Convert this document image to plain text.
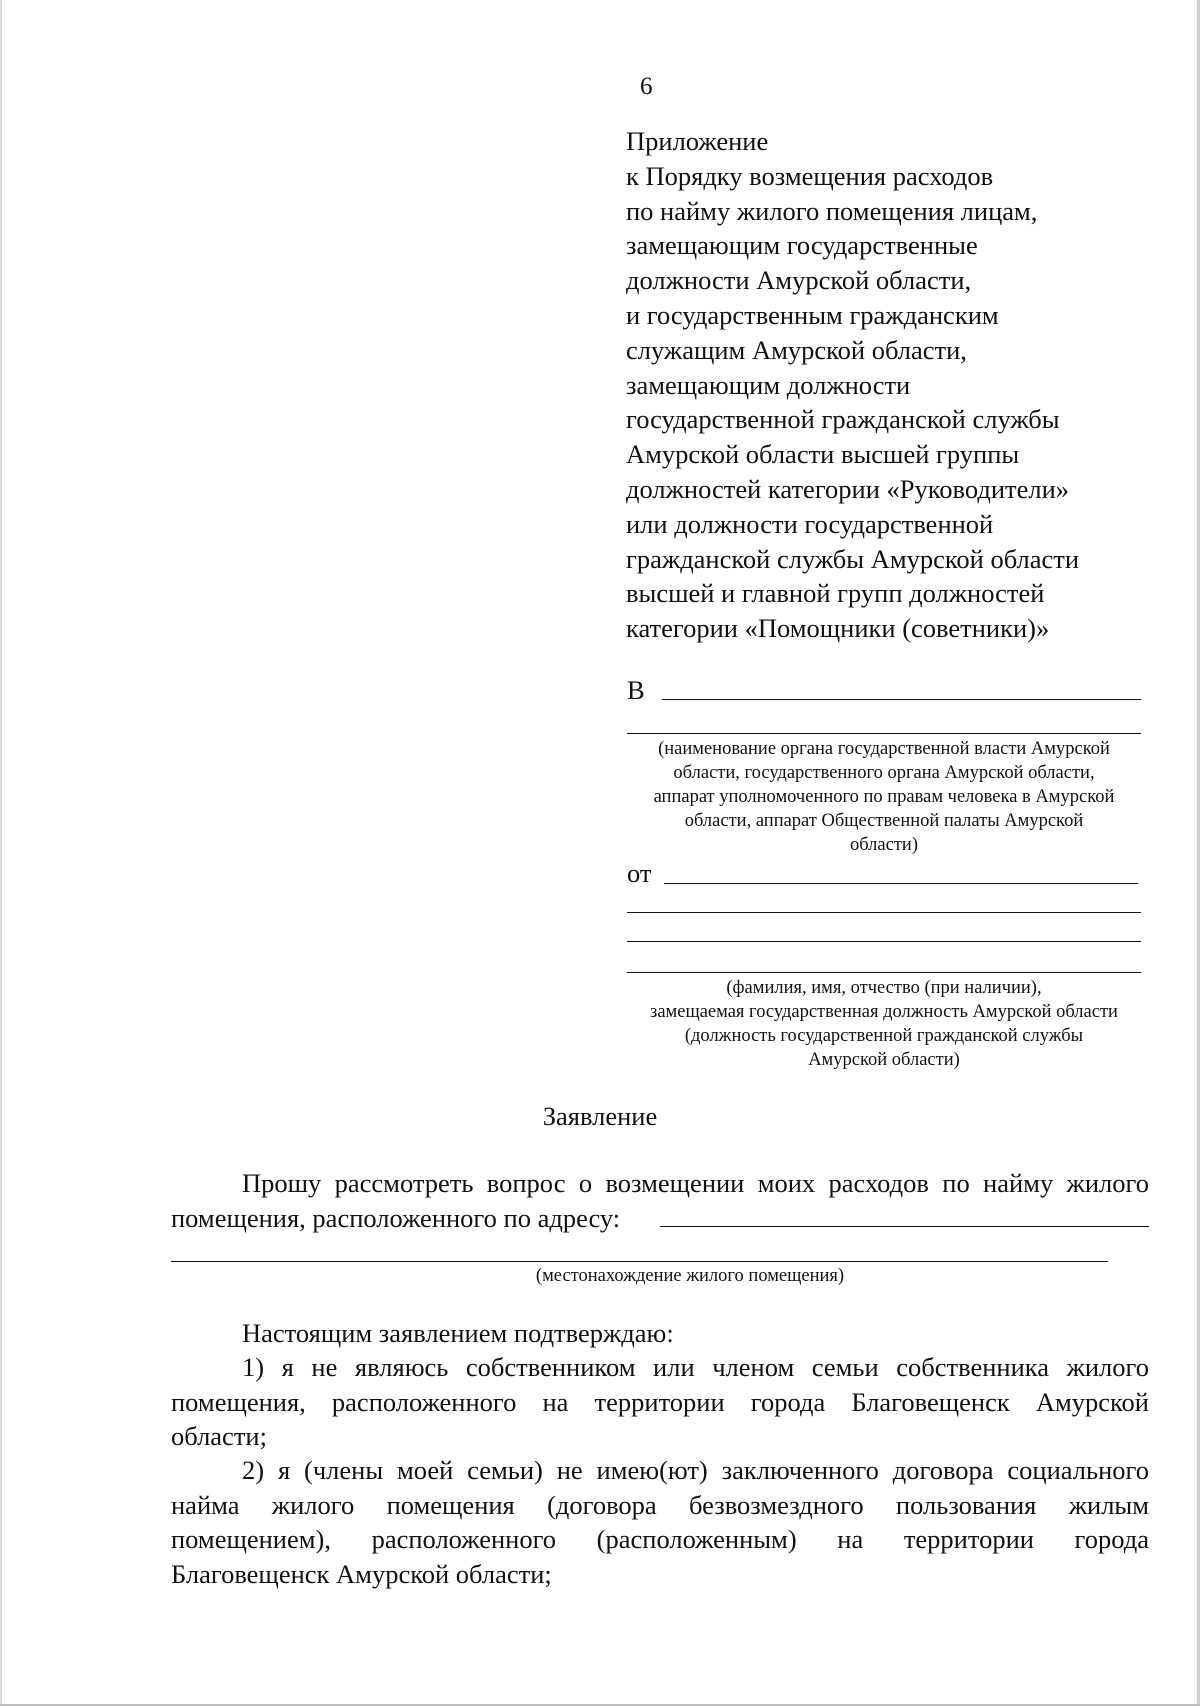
6
Приложение
к Порядку возмещения расходов
по найму жилого помещения лицам,
замещающим государственные
должности Амурской области,
и государственным гражданским
служащим Амурской области,
замещающим должности
государственной гражданской службы
Амурской области высшей группы
должностей категории «Руководители»
или должности государственной
гражданской службы Амурской области
высшей и главной групп должностей
категории «Помощники (советники)»
В
(наименование органа государственной власти Амурской
области, государственного органа Амурской области,
аппарат уполномоченного по правам человека в Амурской
области, аппарат Общественной палаты Амурской
области)
от
(фамилия, имя, отчество (при наличии),
замещаемая государственная должность Амурской области
(должность государственной гражданской службы
Амурской области)
Заявление
Прошу рассмотреть вопрос о возмещении моих расходов по найму жилого
помещения, расположенного по адресу:
(местонахождение жилого помещения)
Настоящим заявлением подтверждаю:
1) я не являюсь собственником или членом семьи собственника жилого
помещения, расположенного на территории города Благовещенск Амурской
области;
2) я (члены моей семьи) не имею(ют) заключенного договора социального
найма жилого помещения (договора безвозмездного пользования жилым
помещением), расположенного (расположенным) на территории города
Благовещенск Амурской области;
